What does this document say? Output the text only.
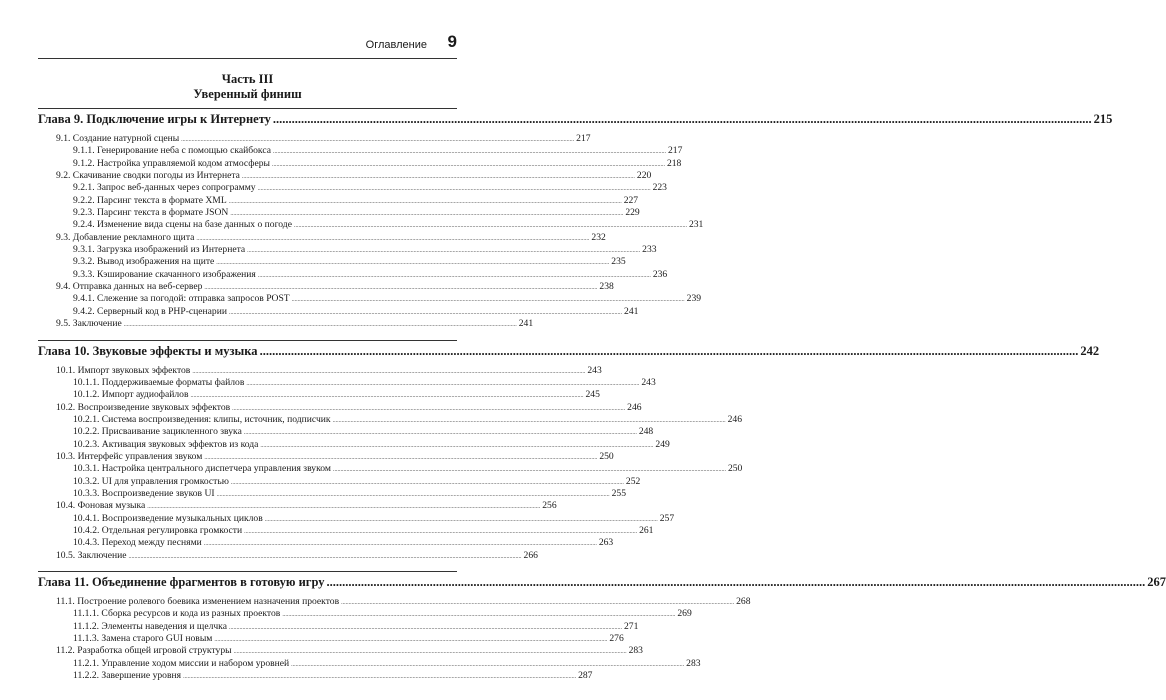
Оглавление 9
Часть III
Уверенный финиш
Глава 9. Подключение игры к Интернету .....	215
9.1. Создание натурной сцены .....	217
9.1.1. Генерирование неба с помощью скайбокса .....	217
9.1.2. Настройка управляемой кодом атмосферы .....	218
9.2. Скачивание сводки погоды из Интернета .....	220
9.2.1. Запрос веб-данных через сопрограмму .....	223
9.2.2. Парсинг текста в формате XML .....	227
9.2.3. Парсинг текста в формате JSON .....	229
9.2.4. Изменение вида сцены на базе данных о погоде .....	231
9.3. Добавление рекламного щита .....	232
9.3.1. Загрузка изображений из Интернета .....	233
9.3.2. Вывод изображения на щите .....	235
9.3.3. Кэширование скачанного изображения .....	236
9.4. Отправка данных на веб-сервер .....	238
9.4.1. Слежение за погодой: отправка запросов POST .....	239
9.4.2. Серверный код в PHP-сценарии .....	241
9.5. Заключение .....	241
Глава 10. Звуковые эффекты и музыка .....	242
10.1. Импорт звуковых эффектов .....	243
10.1.1. Поддерживаемые форматы файлов .....	243
10.1.2. Импорт аудиофайлов .....	245
10.2. Воспроизведение звуковых эффектов .....	246
10.2.1. Система воспроизведения: клипы, источник, подписчик .....	246
10.2.2. Присваивание зацикленного звука .....	248
10.2.3. Активация звуковых эффектов из кода .....	249
10.3. Интерфейс управления звуком .....	250
10.3.1. Настройка центрального диспетчера управления звуком .....	250
10.3.2. UI для управления громкостью .....	252
10.3.3. Воспроизведение звуков UI .....	255
10.4. Фоновая музыка .....	256
10.4.1. Воспроизведение музыкальных циклов .....	257
10.4.2. Отдельная регулировка громкости .....	261
10.4.3. Переход между песнями .....	263
10.5. Заключение .....	266
Глава 11. Объединение фрагментов в готовую игру .....	267
11.1. Построение ролевого боевика изменением назначения проектов .....	268
11.1.1. Сборка ресурсов и кода из разных проектов .....	269
11.1.2. Элементы наведения и щелчка .....	271
11.1.3. Замена старого GUI новым .....	276
11.2. Разработка общей игровой структуры .....	283
11.2.1. Управление ходом миссии и набором уровней .....	283
11.2.2. Завершение уровня .....	287
